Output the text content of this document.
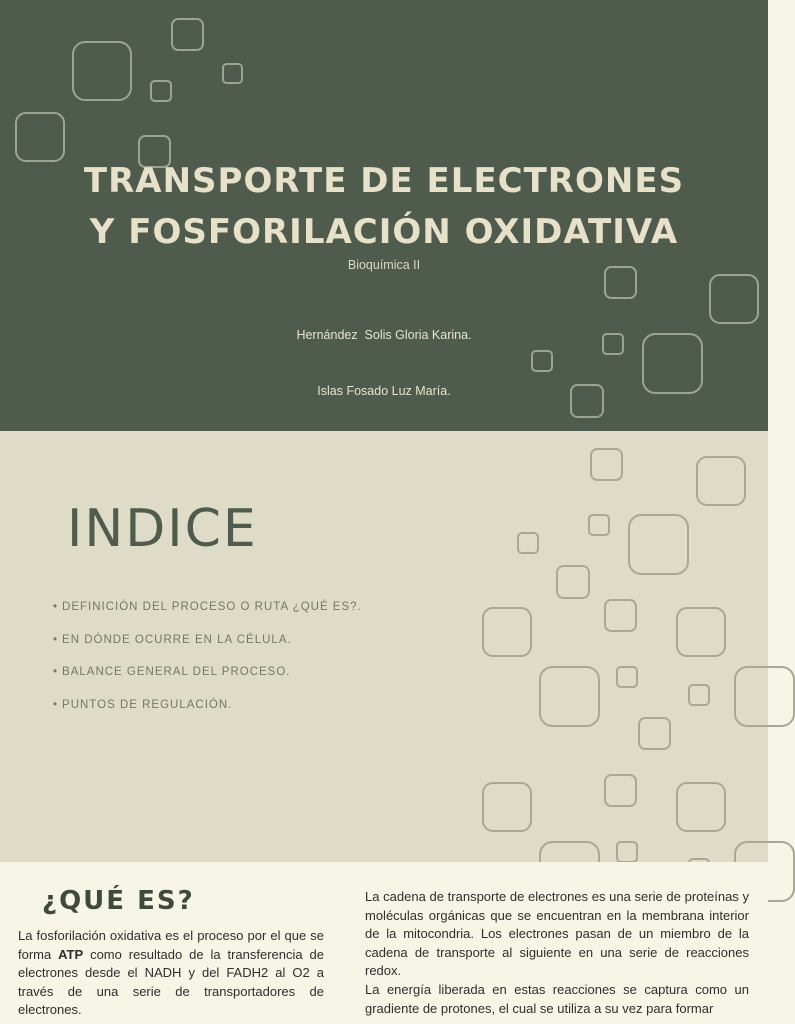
TRANSPORTE DE ELECTRONES
Y FOSFORILACIÓN OXIDATIVA
Bioquímica II

Hernández  Solis Gloria Karina.

Islas Fosado Luz María.

INDICE
• DEFINICIÓN DEL PROCESO O RUTA ¿QUÉ ES?.
• EN DÓNDE OCURRE EN LA CÉLULA.
• BALANCE GENERAL DEL PROCESO.
• PUNTOS DE REGULACIÓN.
¿QUÉ ES?

La fosforilación oxidativa es el proceso por el que se forma ATP como resultado de la transferencia de electrones desde el NADH y del FADH2 al O2 a través de una serie de transportadores de electrones.

La cadena de transporte de electrones es una serie de proteínas y moléculas orgánicas que se encuentran en la membrana interior de la mitocondria. Los electrones pasan de un miembro de la cadena de transporte al siguiente en una serie de reacciones redox.
La energía liberada en estas reacciones se captura como un gradiente de protones, el cual se utiliza a su vez para formar
